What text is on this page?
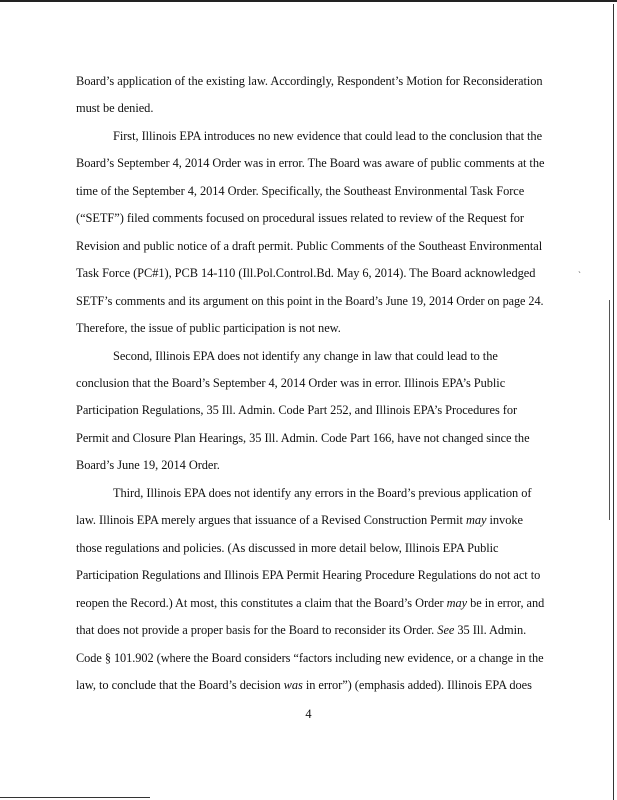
`

Board’s application of the existing law. Accordingly, Respondent’s Motion for Reconsideration
must be denied.

First, Illinois EPA introduces no new evidence that could lead to the conclusion that the
Board’s September 4, 2014 Order was in error. The Board was aware of public comments at the
time of the September 4, 2014 Order. Specifically, the Southeast Environmental Task Force
(“SETF”) filed comments focused on procedural issues related to review of the Request for
Revision and public notice of a draft permit. Public Comments of the Southeast Environmental
Task Force (PC#1), PCB 14-110 (Ill.Pol.Control.Bd. May 6, 2014). The Board acknowledged
SETF’s comments and its argument on this point in the Board’s June 19, 2014 Order on page 24.
Therefore, the issue of public participation is not new.

Second, Illinois EPA does not identify any change in law that could lead to the
conclusion that the Board’s September 4, 2014 Order was in error. Illinois EPA’s Public
Participation Regulations, 35 Ill. Admin. Code Part 252, and Illinois EPA’s Procedures for
Permit and Closure Plan Hearings, 35 Ill. Admin. Code Part 166, have not changed since the
Board’s June 19, 2014 Order.

Third, Illinois EPA does not identify any errors in the Board’s previous application of
law. Illinois EPA merely argues that issuance of a Revised Construction Permit may invoke
those regulations and policies. (As discussed in more detail below, Illinois EPA Public
Participation Regulations and Illinois EPA Permit Hearing Procedure Regulations do not act to
reopen the Record.) At most, this constitutes a claim that the Board’s Order may be in error, and
that does not provide a proper basis for the Board to reconsider its Order. See 35 Ill. Admin.
Code § 101.902 (where the Board considers “factors including new evidence, or a change in the
law, to conclude that the Board’s decision was in error”) (emphasis added). Illinois EPA does

4
